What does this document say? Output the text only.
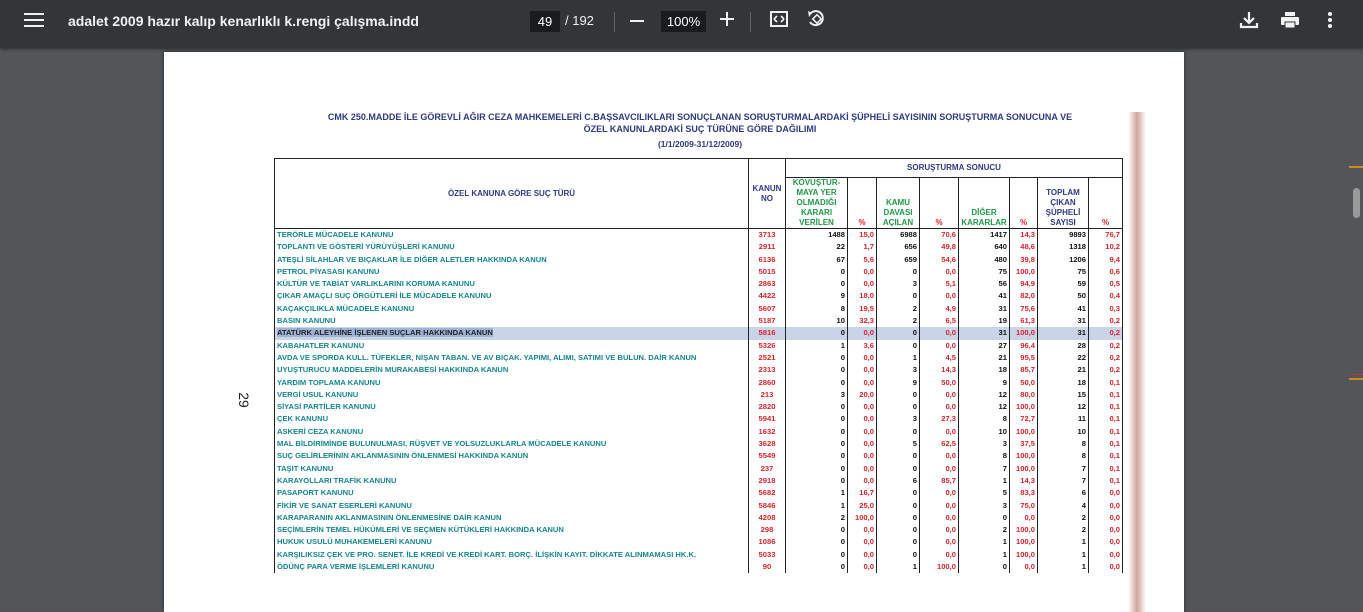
adalet 2009 hazır kalıp kenarlıklı k.rengi çalışma.indd	49 / 192	100%
CMK 250.MADDE İLE GÖREVLİ AĞIR CEZA MAHKEMELERİ C.BAŞSAVCILIKLARI SONUÇLANAN SORUŞTURMALARDAKİ ŞÜPHELİ SAYISININ SORUŞTURMA SONUCUNA VE
ÖZEL KANUNLARDAKİ SUÇ TÜRÜNE GÖRE DAĞILIMI
(1/1/2009-31/12/2009)
29
ÖZEL KANUNA GÖRE SUÇ TÜRÜ	KANUN NO	SORUŞTURMA SONUCU							
		KOVUŞTUR-MAYA YER OLMADIĞI KARARI VERİLEN	%	KAMU DAVASI AÇILAN	%	DİĞER KARARLAR	%	TOPLAM ÇIKAN ŞÜPHELİ SAYISI	%
TERÖRLE MÜCADELE KANUNU	3713	1488	15,0	6988	70,6	1417	14,3	9893	76,7
TOPLANTI VE GÖSTERİ YÜRÜYÜŞLERİ KANUNU	2911	22	1,7	656	49,8	640	48,6	1318	10,2
ATEŞLİ SİLAHLAR VE BIÇAKLAR İLE DİĞER ALETLER HAKKINDA KANUN	6136	67	5,6	659	54,6	480	39,8	1206	9,4
PETROL PİYASASI KANUNU	5015	0	0,0	0	0,0	75	100,0	75	0,6
KÜLTÜR VE TABİAT VARLIKLARINI KORUMA KANUNU	2863	0	0,0	3	5,1	56	94,9	59	0,5
ÇIKAR AMAÇLI SUÇ ÖRGÜTLERİ İLE MÜCADELE KANUNU	4422	9	18,0	0	0,0	41	82,0	50	0,4
KAÇAKÇILIKLA MÜCADELE KANUNU	5607	8	19,5	2	4,9	31	75,6	41	0,3
BASIN KANUNU	5187	10	32,3	2	6,5	19	61,3	31	0,2
ATATÜRK ALEYHİNE İŞLENEN SUÇLAR HAKKINDA KANUN	5816	0	0,0	0	0,0	31	100,0	31	0,2
KABAHATLER KANUNU	5326	1	3,6	0	0,0	27	96,4	28	0,2
AVDA VE SPORDA KULL. TÜFEKLER, NİŞAN TABAN. VE AV BIÇAK. YAPIMI, ALIMI, SATIMI VE BULUN. DAİR KANUN	2521	0	0,0	1	4,5	21	95,5	22	0,2
UYUŞTURUCU MADDELERİN MURAKABESİ HAKKINDA KANUN	2313	0	0,0	3	14,3	18	85,7	21	0,2
YARDIM TOPLAMA KANUNU	2860	0	0,0	9	50,0	9	50,0	18	0,1
VERGİ USUL KANUNU	213	3	20,0	0	0,0	12	80,0	15	0,1
SİYASİ PARTİLER KANUNU	2820	0	0,0	0	0,0	12	100,0	12	0,1
ÇEK KANUNU	5941	0	0,0	3	27,3	8	72,7	11	0,1
ASKERİ CEZA KANUNU	1632	0	0,0	0	0,0	10	100,0	10	0,1
MAL BİLDİRİMİNDE BULUNULMASI, RÜŞVET VE YOLSUZLUKLARLA MÜCADELE KANUNU	3628	0	0,0	5	62,5	3	37,5	8	0,1
SUÇ GELİRLERİNİN AKLANMASININ ÖNLENMESİ HAKKINDA KANUN	5549	0	0,0	0	0,0	8	100,0	8	0,1
TAŞIT KANUNU	237	0	0,0	0	0,0	7	100,0	7	0,1
KARAYOLLARI TRAFİK KANUNU	2918	0	0,0	6	85,7	1	14,3	7	0,1
PASAPORT KANUNU	5682	1	16,7	0	0,0	5	83,3	6	0,0
FİKİR VE SANAT ESERLERİ KANUNU	5846	1	25,0	0	0,0	3	75,0	4	0,0
KARAPARANIN AKLANMASININ ÖNLENMESİNE DAİR KANUN	4208	2	100,0	0	0,0	0	0,0	2	0,0
SEÇİMLERİN TEMEL HÜKÜMLERİ VE SEÇMEN KÜTÜKLERİ HAKKINDA KANUN	298	0	0,0	0	0,0	2	100,0	2	0,0
HUKUK USULÜ MUHAKEMELERİ KANUNU	1086	0	0,0	0	0,0	1	100,0	1	0,0
KARŞILIKSIZ ÇEK VE PRO. SENET. İLE KREDİ VE KREDİ KART. BORÇ. İLİŞKİN KAYIT. DİKKATE ALINMAMASI HK.K.	5033	0	0,0	0	0,0	1	100,0	1	0,0
ÖDÜNÇ PARA VERME İŞLEMLERİ KANUNU	90	0	0,0	1	100,0	0	0,0	1	0,0
